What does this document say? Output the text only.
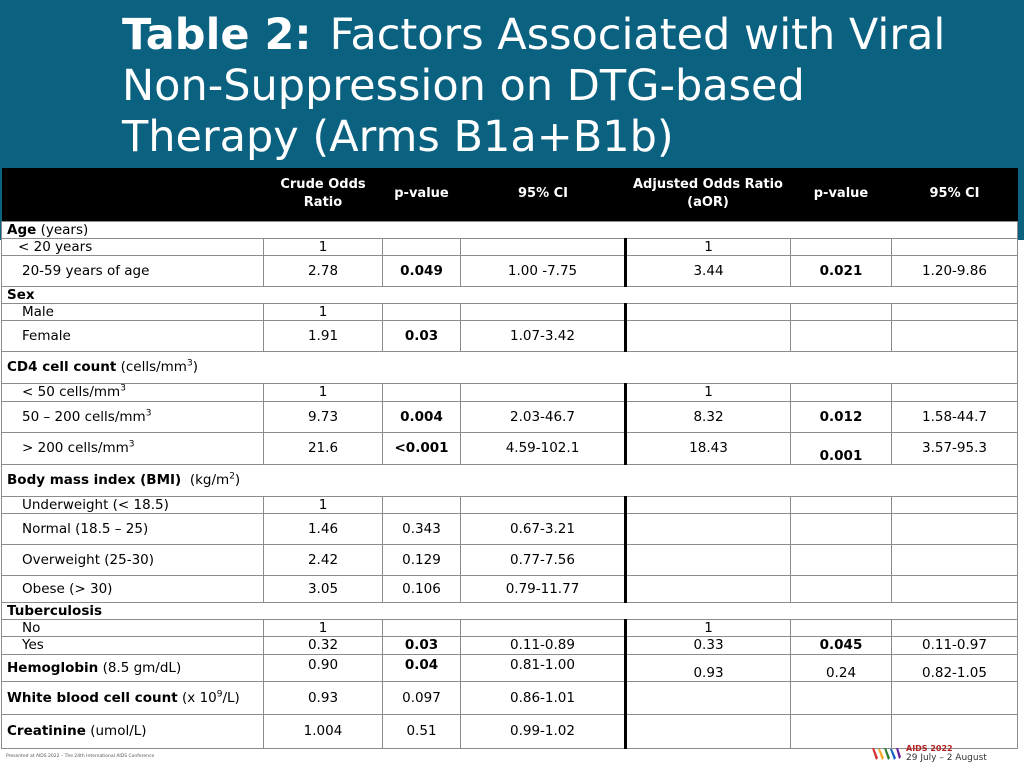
Table 2: Factors Associated with Viral Non-Suppression on DTG-based Therapy (Arms B1a+B1b)
	Crude Odds Ratio	p-value	95% CI	Adjusted Odds Ratio (aOR)	p-value	95% CI
Age (years)						
< 20 years	1			1		
20-59 years of age	2.78	0.049	1.00 -7.75	3.44	0.021	1.20-9.86
Sex						
Male	1					
Female	1.91	0.03	1.07-3.42			
CD4 cell count $(cells/mm^3)$						
< 50 cells/$mm^3$	1			1		
50 – 200 cells/$mm^3$	9.73	0.004	2.03-46.7	8.32	0.012	1.58-44.7
> 200 cells/$mm^3$	21.6	<0.001	4.59-102.1	18.43	0.001	3.57-95.3
Body mass index (BMI) $(kg/m^2)$						
Underweight (< 18.5)	1					
Normal (18.5 – 25)	1.46	0.343	0.67-3.21			
Overweight (25-30)	2.42	0.129	0.77-7.56			
Obese (> 30)	3.05	0.106	0.79-11.77			
Tuberculosis						
No	1			1		
Yes	0.32	0.03	0.11-0.89	0.33	0.045	0.11-0.97
Hemoglobin (8.5 gm/dL)	0.90	0.04	0.81-1.00	0.93	0.24	0.82-1.05
White blood cell count (x $10^9/L$)	0.93	0.097	0.86-1.01			
Creatinine (umol/L)	1.004	0.51	0.99-1.02			
Presented at AIDS 2022 – The 24th International AIDS Conference
AIDS 2022
29 July – 2 August
